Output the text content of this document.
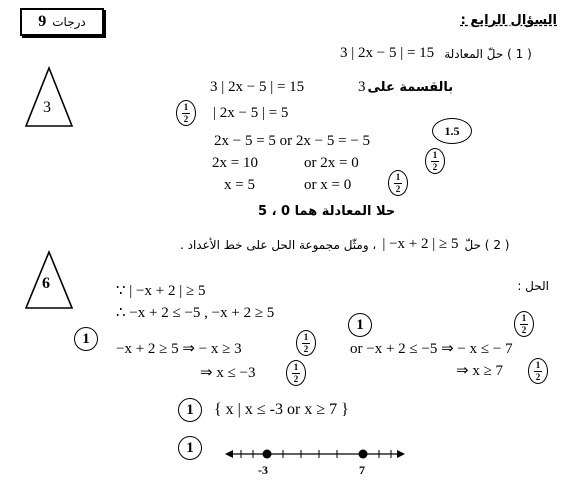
9 درجات	السؤال الرابع :
3 | 2x − 5 | = 15 ( 1 ) حلّ المعادلة
3
3 | 2x − 5 | = 15	3 بالقسمة على
$\frac{1}{2}$ | 2x − 5 | = 5
2x − 5 = 5 or 2x − 5 = − 5
1.5
2x = 10	or 2x = 0	$\frac{1}{2}$
x = 5	or x = 0	$\frac{1}{2}$
حلا المعادلة هما 0 ، 5
، ومثّل مجموعة الحل على خط الأعداد . | −x + 2 | ≥ 5 ( 2 ) حلّ
6	الحل :
∵ | −x + 2 | ≥ 5
∴ −x + 2 ≤ −5 , −x + 2 ≥ 5
1
−x + 2 ≥ 5 ⇒ − x ≥ 3	$\frac{1}{2}$
⇒ x ≤ −3	$\frac{1}{2}$
1	$\frac{1}{2}$
or −x + 2 ≤ −5 ⇒ − x ≤ − 7
⇒ x ≥ 7	$\frac{1}{2}$
1	{ x | x ≤ -3 or x ≥ 7 }
1
-3	7
